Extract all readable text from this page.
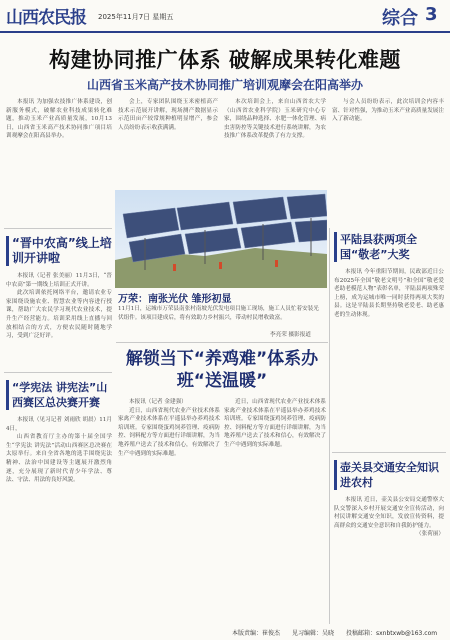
山西农民报 2025年11月7日 星期五	综合 3
构建协同推广体系 破解成果转化难题
山西省玉米高产技术协同推广培训观摩会在阳高举办

本报讯 为加强农技推广体系建设，创新服务模式，破解农业科技成果转化难题，推动玉米产业高质量发展，10月13日，山西省玉米高产技术协同推广项目培训观摩会在阳高县举办。

会上，专家团队围绕玉米密植高产技术示范展开讲解，现场测产数据显示示范田亩产较常规种植明显增产，参会人员纷纷表示收获满满。

本次培训会上，来自山西省农大学（山西省农业科学院）玉米研究中心专家，围绕品种选择、水肥一体化管理、病虫害防控等关键技术进行系统讲解，为农技推广体系改革提供了有力支撑。

与会人员纷纷表示，此次培训会内容丰富、针对性强，为推动玉米产业高质量发展注入了新动能。

“晋中农高”线上培训开讲啦

本报讯（记者 张美丽）11月3日，“晋中农高”第一期线上培训正式开讲。

此次培训依托网络平台，邀请农业专家围绕设施农业、智慧农业等内容进行授课，帮助广大农民学习现代农业技术，提升生产经营能力。培训采用线上直播与回放相结合的方式，方便农民随时随地学习，受到广泛好评。

“学宪法 讲宪法”山西赛区总决赛开赛

本报讯（见习记者 刘雨欣 胡晨）11月4日，

山西省教育厅主办的第十届全国学生“学宪法 讲宪法”活动山西赛区总决赛在太原举行。来自全省各地的选手围绕宪法精神、法治中国建设等主题展开激烈角逐，充分展现了新时代青少年学法、尊法、守法、用法的良好风貌。

万荣：南张光伏 雏形初显
11月1日，运城市万荣县南张村南坡光伏发电项目施工现场，施工人员忙着安装光伏组件。该项目建成后，将有效助力乡村振兴，带动村民增收致富。
李亮荣 摄影报道
解锁当下“养鸡难”体系办班“送温暖”

本报讯（记者 金建强）

近日，山西省现代农业产业技术体系家禽产业技术体系在平遥县举办养鸡技术培训班。专家围绕蛋鸡饲养管理、疫病防控、饲料配方等方面进行详细讲解，为当地养殖户送去了技术和信心，有效解决了生产中遇到的实际难题。

近日，山西省现代农业产业技术体系家禽产业技术体系在平遥县举办养鸡技术培训班。专家围绕蛋鸡饲养管理、疫病防控、饲料配方等方面进行详细讲解，为当地养殖户送去了技术和信心，有效解决了生产中遇到的实际难题。

平陆县获两项全国“敬老”大奖

本报讯 今年重阳节期间，民政部近日公布2025年全国“敬老文明号”和全国“敬老爱老助老模范人物”表彰名单，平陆县两项殊荣上榜，成为运城市唯一同时获得两项大奖的县。这是平陆县长期坚持敬老爱老、助老惠老的生动体现。

壶关县交通安全知识进农村

本报讯 近日，壶关县公安局交通警察大队交警深入乡村开展交通安全宣传活动，向村民讲解交通安全知识，发放宣传资料，提高群众的交通安全意识和自我防护能力。

（张荷丽）

本版责编：崔俊杰 见习编辑：吴晓 投稿邮箱：sxnbtxwb@163.com
